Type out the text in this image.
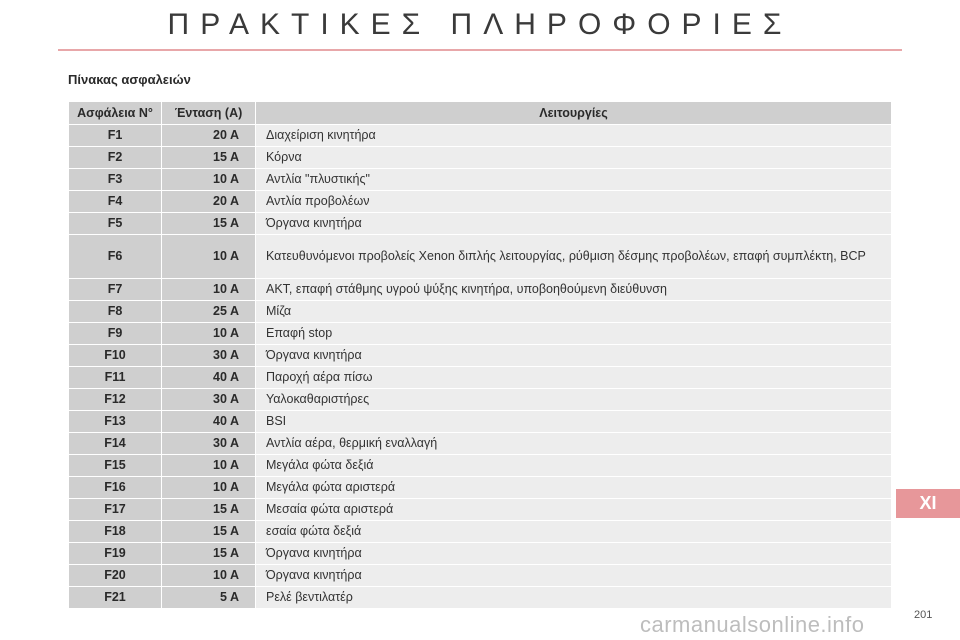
ΠΡΑΚΤΙΚΕΣ ΠΛΗΡΟΦΟΡΙΕΣ
Πίνακας ασφαλειών
Ασφάλεια N°	Ένταση (A)	Λειτουργίες
F1	20 A	Διαχείριση κινητήρα
F2	15 A	Κόρνα
F3	10 A	Αντλία "πλυστικής"
F4	20 A	Αντλία προβολέων
F5	15 A	Όργανα κινητήρα
F6	10 A	Κατευθυνόμενοι προβολείς Xenon διπλής λειτουργίας, ρύθμιση δέσμης προβολέων, επαφή συμπλέκτη, BCP
F7	10 A	AKT, επαφή στάθμης υγρού ψύξης κινητήρα, υποβοηθούμενη διεύθυνση
F8	25 A	Μίζα
F9	10 A	Επαφή stop
F10	30 A	Όργανα κινητήρα
F11	40 A	Παροχή αέρα πίσω
F12	30 A	Υαλοκαθαριστήρες
F13	40 A	BSI
F14	30 A	Αντλία αέρα, θερμική εναλλαγή
F15	10 A	Μεγάλα φώτα δεξιά
F16	10 A	Μεγάλα φώτα αριστερά
F17	15 A	Μεσαία φώτα αριστερά
F18	15 A	εσαία φώτα δεξιά
F19	15 A	Όργανα κινητήρα
F20	10 A	Όργανα κινητήρα
F21	5 A	Ρελέ βεντιλατέρ
XI
201
carmanualsonline.info
